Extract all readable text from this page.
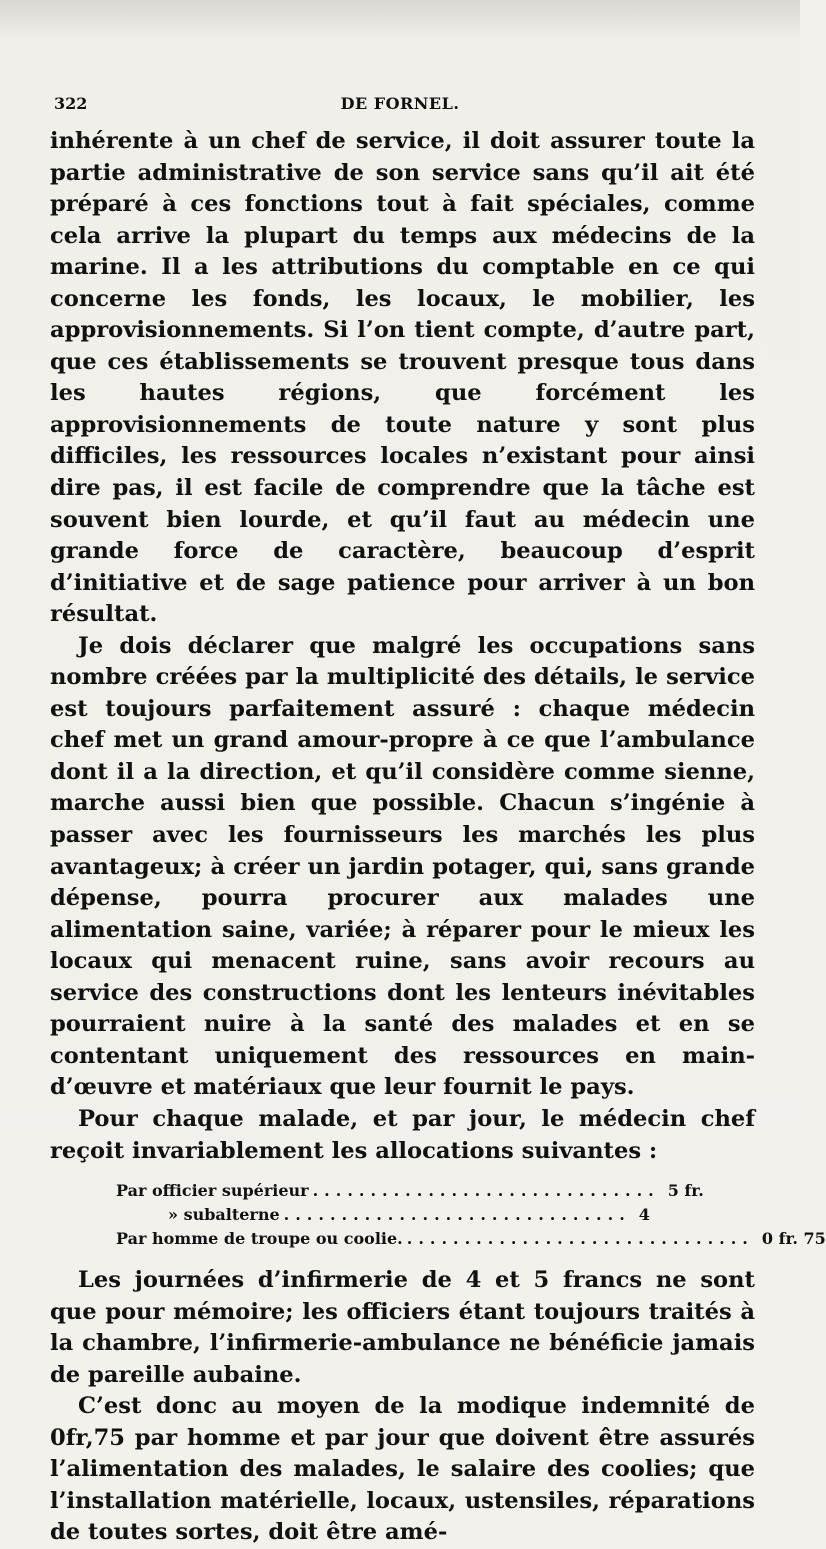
322	DE FORNEL.

inhérente à un chef de service, il doit assurer toute la partie administrative de son service sans qu’il ait été préparé à ces fonctions tout à fait spéciales, comme cela arrive la plupart du temps aux médecins de la marine. Il a les attributions du comptable en ce qui concerne les fonds, les locaux, le mobilier, les approvisionnements. Si l’on tient compte, d’autre part, que ces établissements se trouvent presque tous dans les hautes régions, que forcément les approvisionnements de toute nature y sont plus difficiles, les ressources locales n’existant pour ainsi dire pas, il est facile de comprendre que la tâche est souvent bien lourde, et qu’il faut au médecin une grande force de caractère, beaucoup d’esprit d’initiative et de sage patience pour arriver à un bon résultat.

Je dois déclarer que malgré les occupations sans nombre créées par la multiplicité des détails, le service est toujours parfaitement assuré : chaque médecin chef met un grand amour-propre à ce que l’ambulance dont il a la direction, et qu’il considère comme sienne, marche aussi bien que possible. Chacun s’ingénie à passer avec les fournisseurs les marchés les plus avantageux; à créer un jardin potager, qui, sans grande dépense, pourra procurer aux malades une alimentation saine, variée; à réparer pour le mieux les locaux qui menacent ruine, sans avoir recours au service des constructions dont les lenteurs inévitables pourraient nuire à la santé des malades et en se contentant uniquement des ressources en main-d’œuvre et matériaux que leur fournit le pays.

Pour chaque malade, et par jour, le médecin chef reçoit invariablement les allocations suivantes :

Par officier supérieur .............................. 5 fr.
» subalterne .............................. 4
Par homme de troupe ou coolie. .............................. 0 fr. 75

Les journées d’infirmerie de 4 et 5 francs ne sont que pour mémoire; les officiers étant toujours traités à la chambre, l’infirmerie-ambulance ne bénéficie jamais de pareille aubaine.

C’est donc au moyen de la modique indemnité de 0fr,75 par homme et par jour que doivent être assurés l’alimentation des malades, le salaire des coolies; que l’installation matérielle, locaux, ustensiles, réparations de toutes sortes, doit être amé-
